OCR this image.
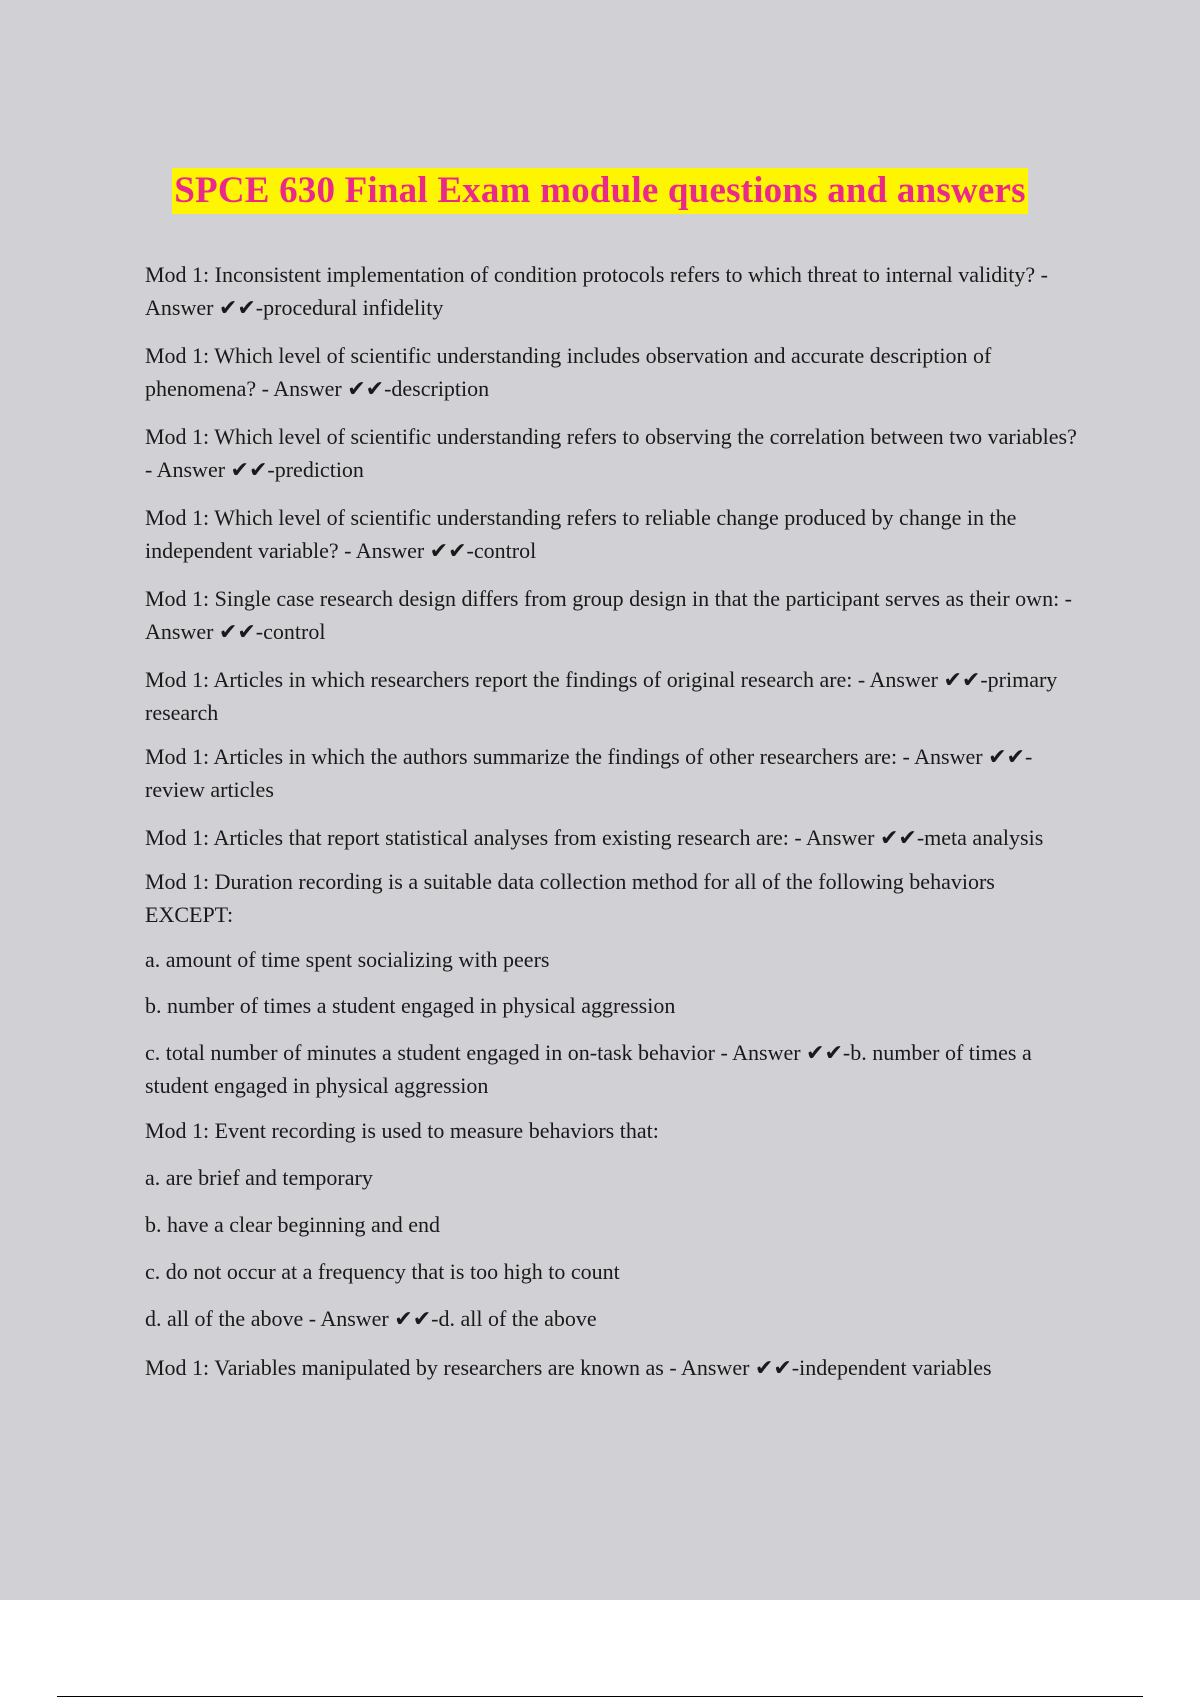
SPCE 630 Final Exam module questions and answers

Mod 1: Inconsistent implementation of condition protocols refers to which threat to internal validity? - Answer ✔✔-procedural infidelity

Mod 1: Which level of scientific understanding includes observation and accurate description of phenomena? - Answer ✔✔-description

Mod 1: Which level of scientific understanding refers to observing the correlation between two variables? - Answer ✔✔-prediction

Mod 1: Which level of scientific understanding refers to reliable change produced by change in the independent variable? - Answer ✔✔-control

Mod 1: Single case research design differs from group design in that the participant serves as their own: - Answer ✔✔-control

Mod 1: Articles in which researchers report the findings of original research are: - Answer ✔✔-primary research

Mod 1: Articles in which the authors summarize the findings of other researchers are: - Answer ✔✔-review articles

Mod 1: Articles that report statistical analyses from existing research are: - Answer ✔✔-meta analysis

Mod 1: Duration recording is a suitable data collection method for all of the following behaviors EXCEPT:

a. amount of time spent socializing with peers

b. number of times a student engaged in physical aggression

c. total number of minutes a student engaged in on-task behavior - Answer ✔✔-b. number of times a student engaged in physical aggression

Mod 1: Event recording is used to measure behaviors that:

a. are brief and temporary

b. have a clear beginning and end

c. do not occur at a frequency that is too high to count

d. all of the above - Answer ✔✔-d. all of the above

Mod 1: Variables manipulated by researchers are known as - Answer ✔✔-independent variables
